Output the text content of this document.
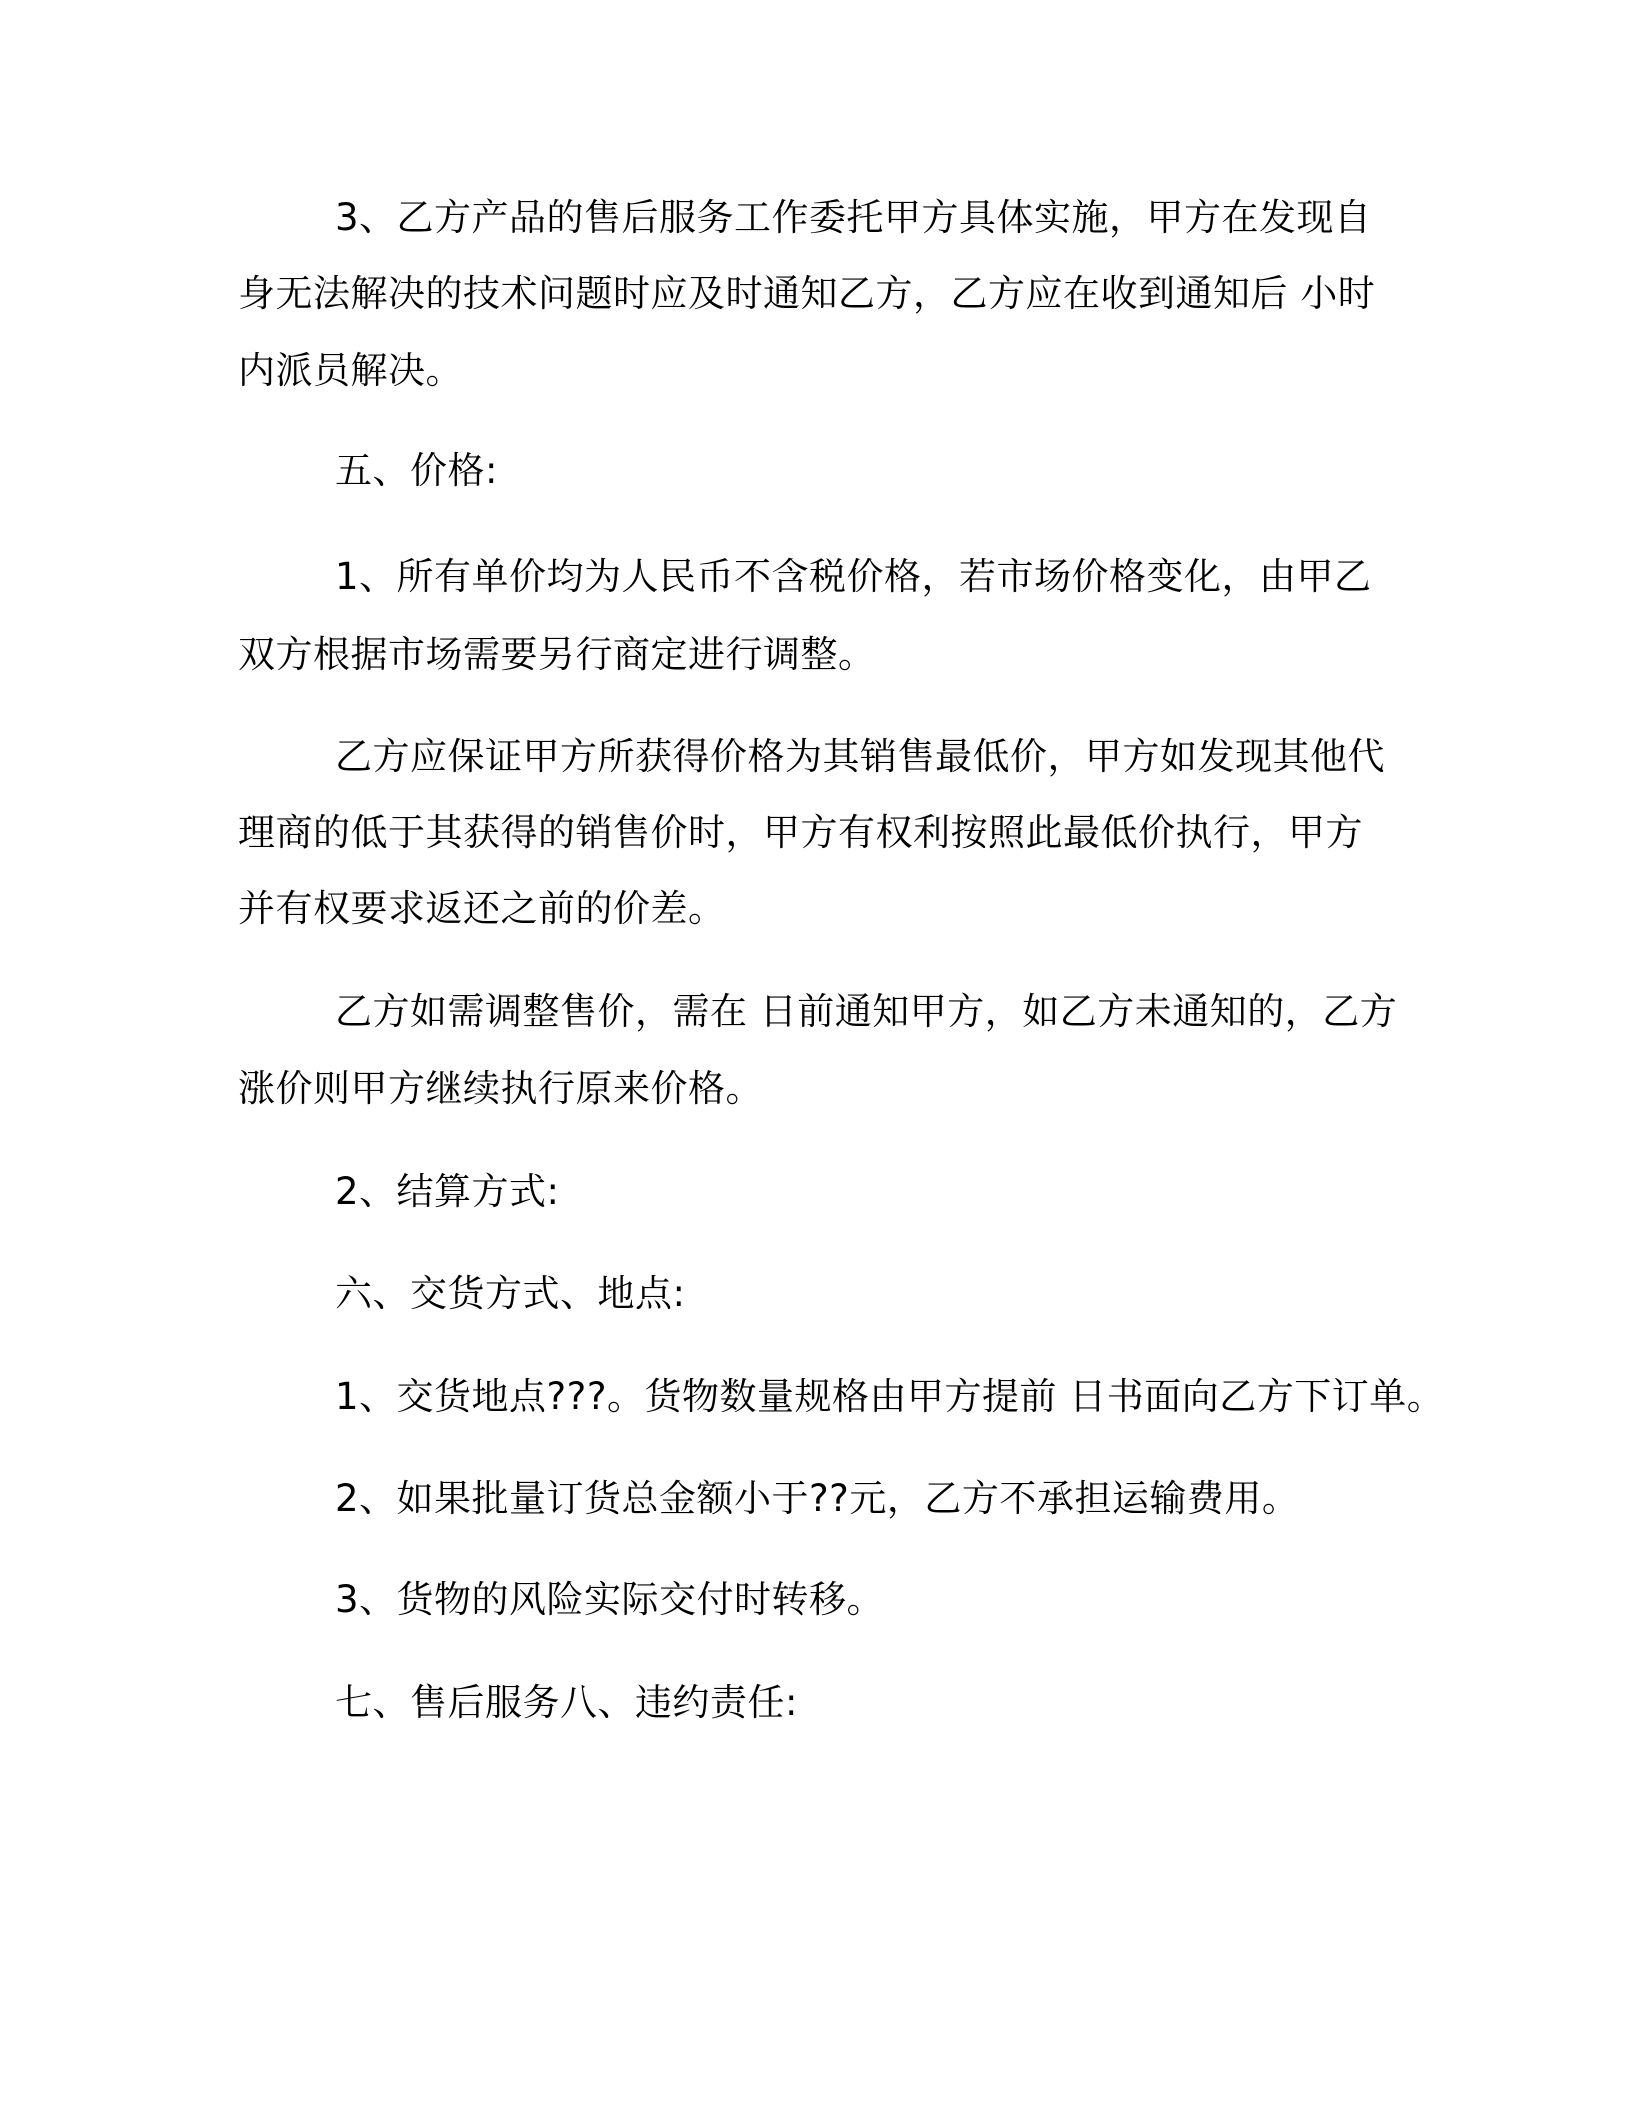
3、乙方产品的售后服务工作委托甲方具体实施，甲方在发现自
身无法解决的技术问题时应及时通知乙方，乙方应在收到通知后 小时
内派员解决。
五、价格:
1、所有单价均为人民币不含税价格，若市场价格变化，由甲乙
双方根据市场需要另行商定进行调整。
乙方应保证甲方所获得价格为其销售最低价，甲方如发现其他代
理商的低于其获得的销售价时，甲方有权利按照此最低价执行，甲方
并有权要求返还之前的价差。
乙方如需调整售价，需在 日前通知甲方，如乙方未通知的，乙方
涨价则甲方继续执行原来价格。
2、结算方式:
六、交货方式、地点:
1、交货地点???。货物数量规格由甲方提前 日书面向乙方下订单。
2、如果批量订货总金额小于??元，乙方不承担运输费用。
3、货物的风险实际交付时转移。
七、售后服务八、违约责任:
